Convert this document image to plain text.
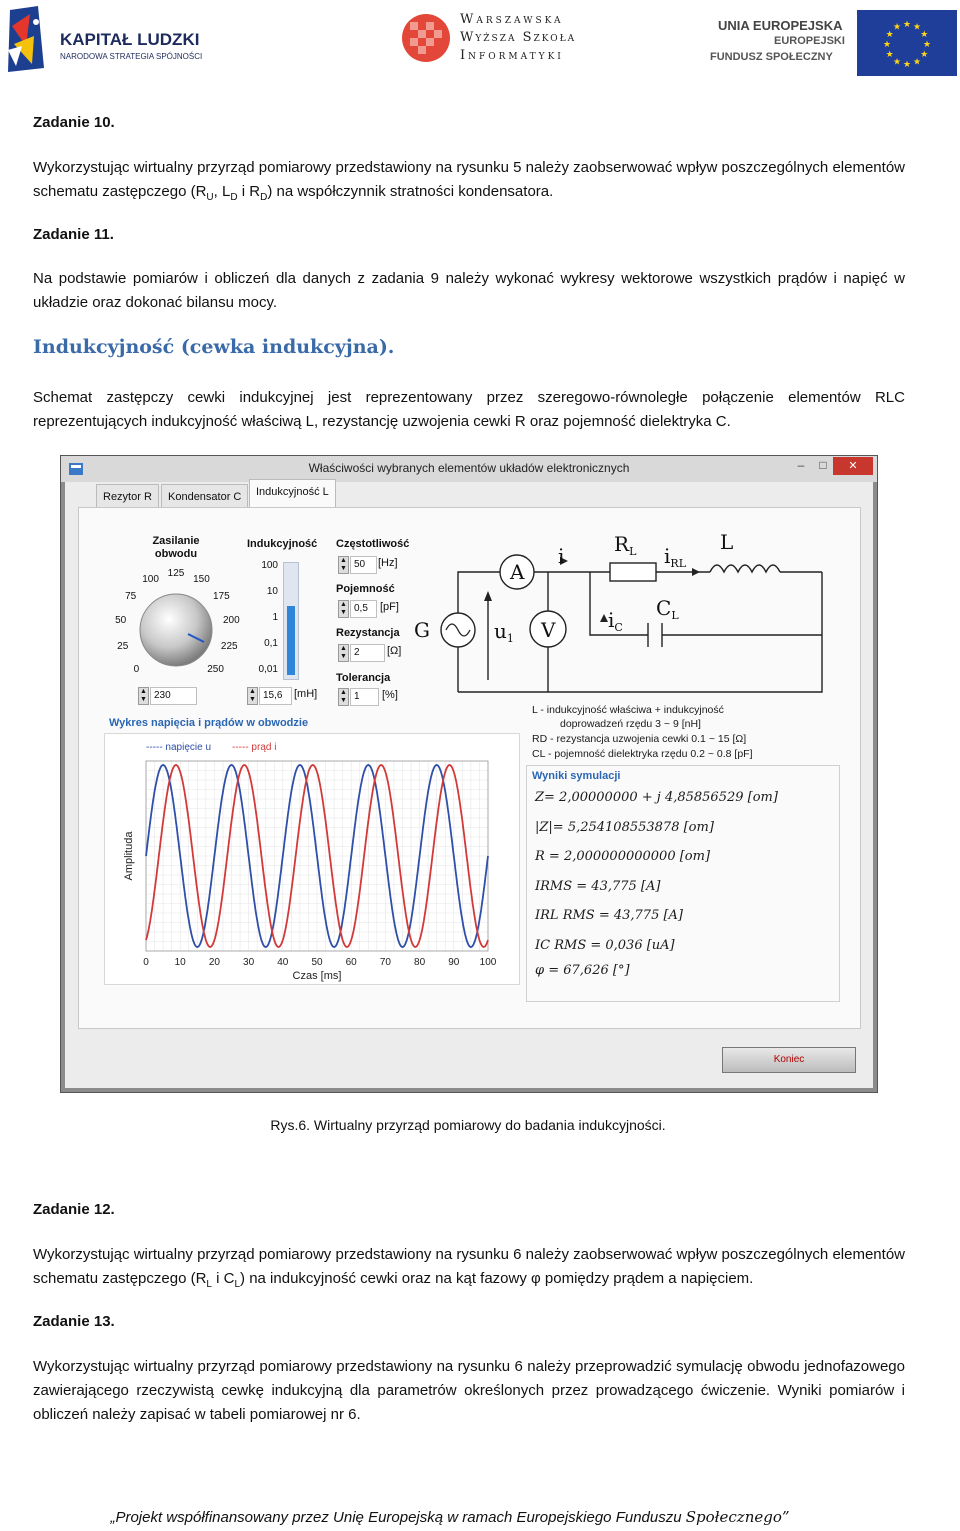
KAPITAŁ LUDZKI
NARODOWA STRATEGIA SPÓJNOŚCI
Warszawska
Wyższa Szkoła
Informatyki
UNIA EUROPEJSKA
EUROPEJSKI
FUNDUSZ SPOŁECZNY
★
★
★
★
★
★
★
★
★ ★ ★
★
Zadanie 10.
Wykorzystując wirtualny przyrząd pomiarowy przedstawiony na rysunku 5 należy zaobserwować wpływ poszczególnych elementów schematu zastępczego ($R_U$, $L_D$ i $R_D$) na współczynnik stratności kondensatora.
Zadanie 11.
Na podstawie pomiarów i obliczeń dla danych z zadania 9 należy wykonać wykresy wektorowe wszystkich prądów i napięć w układzie oraz dokonać bilansu mocy.
Indukcyjność (cewka indukcyjna).
Schemat zastępczy cewki indukcyjnej jest reprezentowany przez szeregowo-równoległe połączenie elementów RLC reprezentujących indukcyjność właściwą L, rezystancję uzwojenia cewki R oraz pojemność dielektryka C.
Właściwości wybranych elementów układów elektronicznych	–	□	✕
Rezytor R	Kondensator C	Indukcyjność L
Zasilanie obwodu
0
25
50
75
100
125
150
175
200
225
250
▲
▼ 230
Indukcyjność
100
10
1
0,1
0,01
▲
▼ 15,6	[mH]
Częstotliwość
▲
▼ 50	[Hz]
Pojemność
▲
▼ 0,5	[pF]
Rezystancja
▲
▼ 2	[Ω]
Tolerancja
▲
▼ 1	[%]
A
V
G	$u_1$
i $R_L$ $i_{RL}$
L
$i_C$
$C_L$
Wykres napięcia i prądów w obwodzie
----- napięcie u ----- prąd i
0	10 20 30 40 50 60 70 80 90 100
Czas [ms]
Amplituda
L - indukcyjność właściwa + indukcyjność
doprowadzeń rzędu 3 ~ 9 [nH]
RD - rezystancja uzwojenia cewki 0.1 ~ 15 [Ω]
CL - pojemność dielektryka rzędu 0.2 ~ 0.8 [pF]
Wyniki symulacji
Z= 2,00000000 + j 4,85856529 [om]
|Z|= 5,254108553878 [om]
R = 2,000000000000 [om]
IRMS = 43,775 [A]
IRL RMS = 43,775 [A]
IC RMS = 0,036 [uA]
φ = 67,626 [°]
Koniec
Rys.6. Wirtualny przyrząd pomiarowy do badania indukcyjności.
Zadanie 12.
Wykorzystując wirtualny przyrząd pomiarowy przedstawiony na rysunku 6 należy zaobserwować wpływ poszczególnych elementów schematu zastępczego ($R_L$ i $C_L$) na indukcyjność cewki oraz na kąt fazowy φ pomiędzy prądem a napięciem.
Zadanie 13.
Wykorzystując wirtualny przyrząd pomiarowy przedstawiony na rysunku 6 należy przeprowadzić symulację obwodu jednofazowego zawierającego rzeczywistą cewkę indukcyjną dla parametrów określonych przez prowadzącego ćwiczenie. Wyniki pomiarów i obliczeń należy zapisać w tabeli pomiarowej nr 6.
„Projekt współfinansowany przez Unię Europejską w ramach Europejskiego Funduszu Społecznego”
